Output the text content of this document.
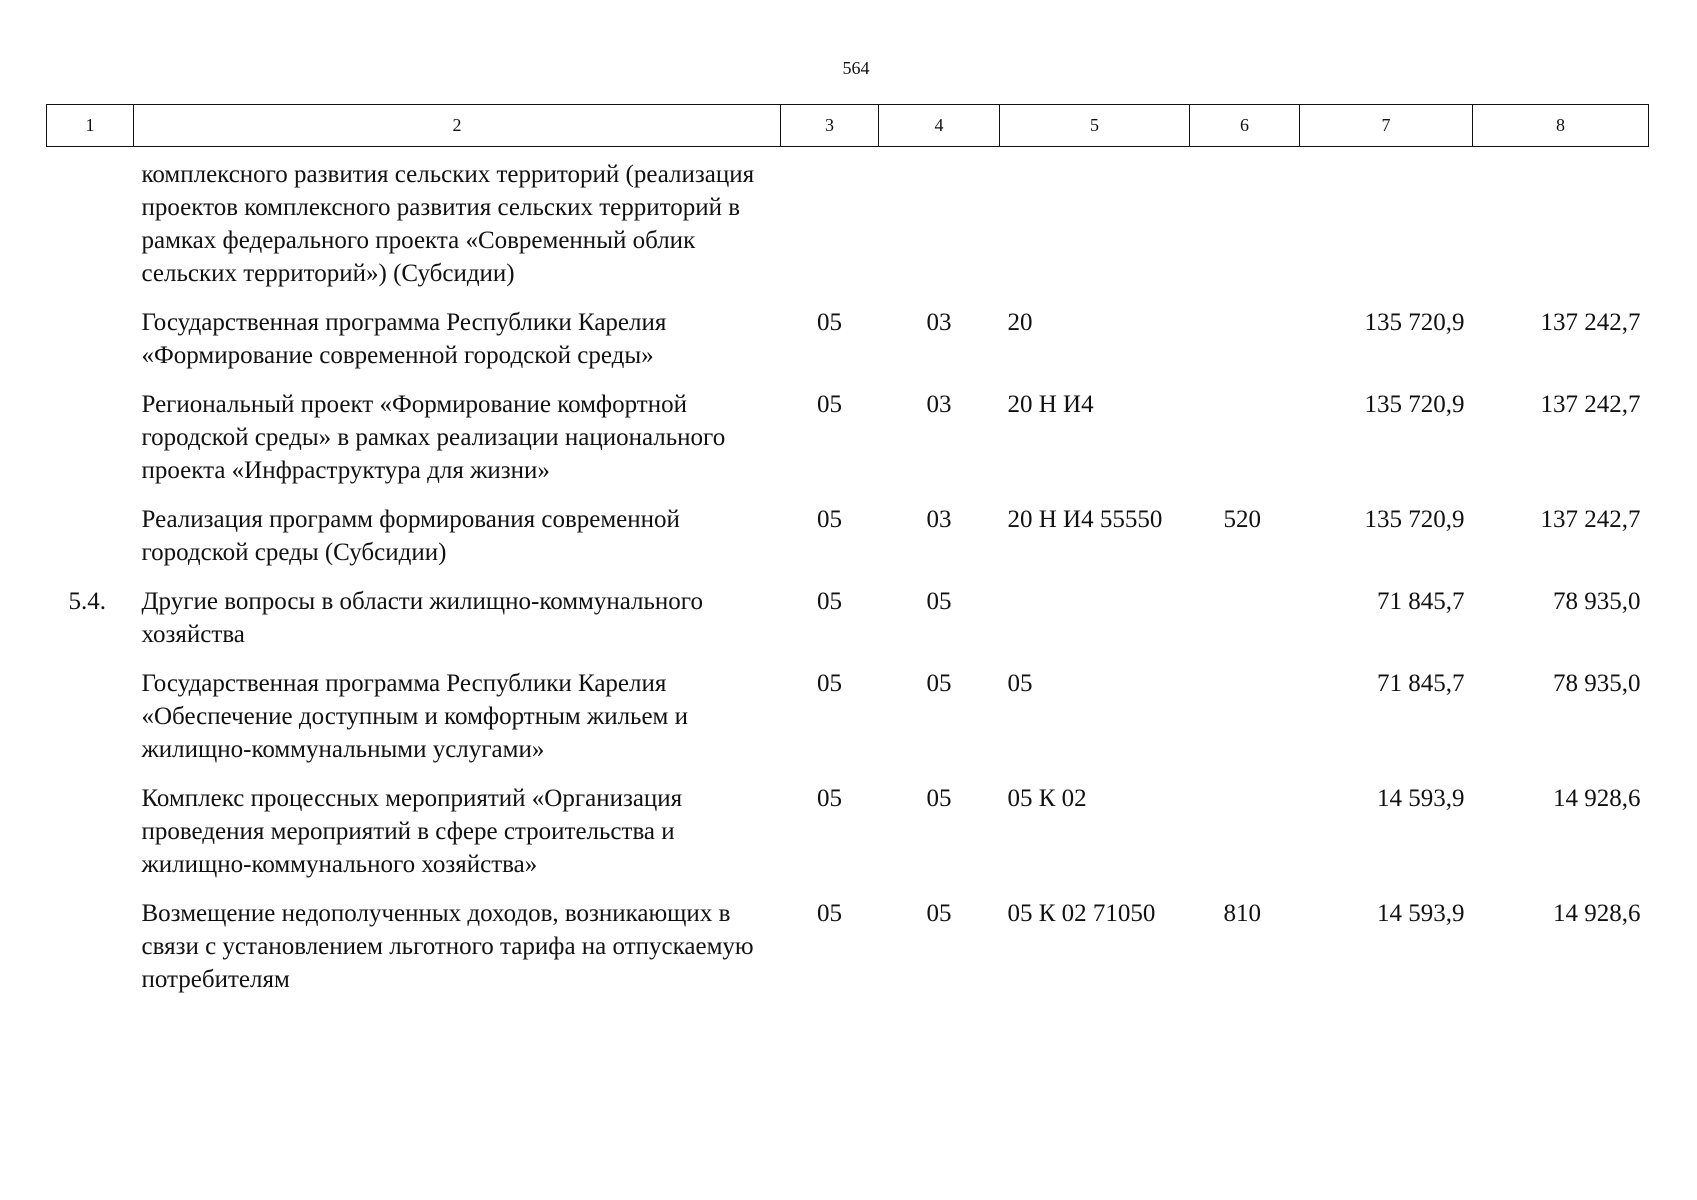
564
1	2	3	4	5	6	7	8
	комплексного развития сельских территорий (реализация проектов комплексного развития сельских территорий в рамках федерального проекта «Современный облик сельских территорий») (Субсидии)						
	Государственная программа Республики Карелия «Формирование современной городской среды»	05	03	20		135 720,9	137 242,7
	Региональный проект «Формирование комфортной городской среды» в рамках реализации национального проекта «Инфраструктура для жизни»	05	03	20 Н И4		135 720,9	137 242,7
	Реализация программ формирования современной городской среды (Субсидии)	05	03	20 Н И4 55550	520	135 720,9	137 242,7
5.4.	Другие вопросы в области жилищно-коммунального хозяйства	05	05			71 845,7	78 935,0
	Государственная программа Республики Карелия «Обеспечение доступным и комфортным жильем и жилищно-коммунальными услугами»	05	05	05		71 845,7	78 935,0
	Комплекс процессных мероприятий «Организация проведения мероприятий в сфере строительства и жилищно-коммунального хозяйства»	05	05	05 К 02		14 593,9	14 928,6
	Возмещение недополученных доходов, возникающих в связи с установлением льготного тарифа на отпускаемую потребителям	05	05	05 К 02 71050	810	14 593,9	14 928,6
